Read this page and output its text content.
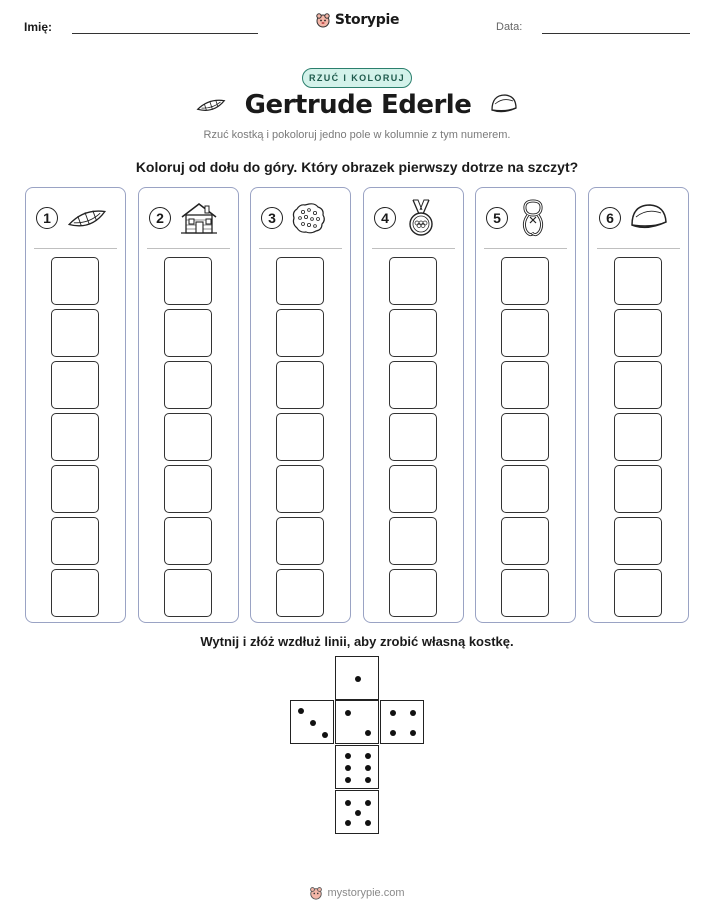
Imię:	Storypie	Data:
RZUĆ I KOLORUJ
Gertrude Ederle
Rzuć kostką i pokoloruj jedno pole w kolumnie z tym numerem.
Koloruj od dołu do góry. Który obrazek pierwszy dotrze na szczyt?
1	2	3	4	5	6
Wytnij i złóż wzdłuż linii, aby zrobić własną kostkę.
mystorypie.com
